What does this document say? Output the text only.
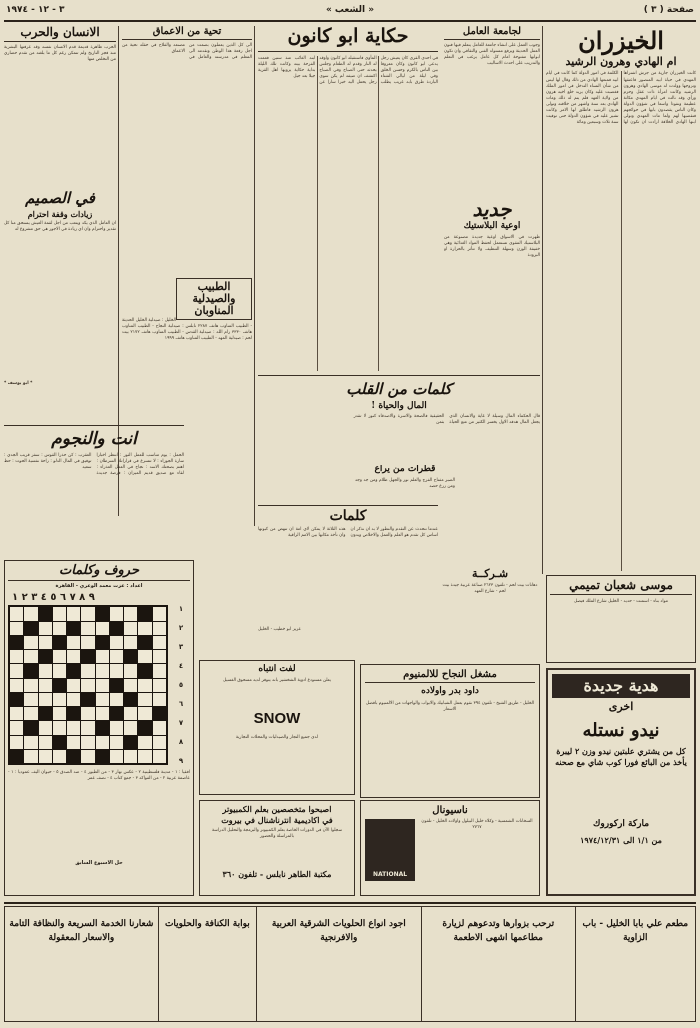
صفحة ( ٣ )
« الشعب »
٣ - ١٢ - ١٩٧٤
الخيزران
ام الهادي وهرون الرشيد
كانت الخيزران جارية من جرش اشتراها المهدي في حياة ابيه المنصور فاعتقها وتزوجها وولدت له موسى الهادي وهرون الرشيد وكانت امرأة ذات عقل وحزم ورأي وقد نالت في ايام المهدي مكانة عظيمة ونفوذا واسعا في شؤون الدولة وكان الناس يقصدون بابها في حوائجهم فتقضيها لهم ولما مات المهدي وتولى ابنها الهادي الخلافة ارادت ان تكون لها الكلمة في امور الدولة كما كانت في ايام ابيه فمنعها الهادي من ذلك وقال لها ليس من شأن النساء التدخل في امور الملك فغضبت عليه وكان يريد خلع اخيه هرون من ولاية العهد فلم يتم له ذلك ومات الهادي بعد سنة واشهر من خلافته وتولى هرون الرشيد فاطلق لها الامر وكانت تشير عليه في شؤون الدولة حتى توفيت سنة ثلاث وسبعين ومائة
لجامعة العامل
وجوب العمل على انشاء جامعة للعامل يتعلم فيها فنون العمل الحديثة ويرفع مستواه الفني والثقافي وان تكون ابوابها مفتوحة امام كل عامل يرغب في التعلم والتدريب على احدث الاساليب
جديد
اوعية البلاستيك
ظهرت في الاسواق اوعية جديدة مصنوعة من البلاستيك المقوى تستعمل لحفظ المواد الغذائية وهي خفيفة الوزن وسهلة التنظيف ولا تتأثر بالحرارة او البرودة
حكاية ابو كانون
في احدى القرى كان يعيش رجل يدعى ابو كانون وكان معروفا بين الناس بالكرم وحسن الخلق وفي ليلة من ليالي الشتاء الباردة طرق بابه غريب يطلب المأوى فاستقبله ابو كانون واوقد له النار وقدم له الطعام وجلس يحدثه حتى الصباح وفي الصباح اكتشف ان ضيفه لم يكن سوى رجل يحمل اليه خبرا سارا عن ابنه الغائب منذ سنين فعمت الفرحة بيته وكانت تلك الليلة بداية حكاية يرويها اهل القرية جيلا بعد جيل
كلمات من القلب
المال والحياة !
قال الحكماء المال وسيلة لا غاية والانسان الذي يجعل المال هدفه الاول يخسر الكثير من متع الحياة الحقيقية فالصحة والاسرة والاصدقاء كنوز لا تقدر بثمن
قطرات من يراع
الصبر مفتاح الفرج والعلم نور والجهل ظلام ومن جد وجد ومن زرع حصد
شـركــة
دهانات بيت لحم - تلفون ٢٦٢٣ صناعة عربية جيدة بيت لحم - شارع المهد	موسى شعبان تميمي
مواد بناء - اسمنت - حديد - الخليل شارع الملك فيصل
تحية من الاعماق
الى كل الذين يعملون بصمت من اجل رفعة هذا الوطن وتقدمه الى المعلم في مدرسته والعامل في مصنعه والفلاح في حقله تحية من الاعماق
الطبيب والصيدلية المناوبان
الخليل : صيدلية الخليل الحديثة - الطبيب المناوب هاتف ٢٢٨٧ نابلس : صيدلية النجاح - الطبيب المناوب هاتف ٣٣٣٠ رام الله : صيدلية القدس - الطبيب المناوب هاتف ٢١٧٢ بيت لحم : صيدلية المهد - الطبيب المناوب هاتف ١٩٩٩
الانسان والحرب
الحرب ظاهرة قديمة قدم الانسان نفسه وقد عرفتها البشرية منذ فجر التاريخ ولم تتمكن رغم كل ما بلغته من تقدم حضاري من التخلص منها
في الصميم
زيادات وقفة احترام
ان العامل الذي يكد ويتعب من اجل لقمة العيش يستحق منا كل تقدير واحترام وان اي زيادة في الاجور هي حق مشروع له
* ابو يوسف *
انت والنجوم
الحمل : يوم مناسب للعمل الثور : انتظر اخبارا سارة الجوزاء : لا تتسرع في قراراتك السرطان : اهتم بصحتك الاسد : نجاح في العمل العذراء : لقاء مع صديق قديم الميزان : فرصة جديدة العقرب : كن حذرا القوس : سفر قريب الجدي : توفيق في المال الدلو : راحة نفسية الحوت : حظ سعيد
كلمات
عندما نتحدث عن التقدم والتطور لا بد ان نذكر ان اساس كل تقدم هو العلم والعمل والاخلاص وبدون هذه الثلاثة لا يمكن لاي امة ان تنهض من كبوتها وان تأخذ مكانها بين الامم الراقية
عزيز ابو خطيب - الخليل
حروف وكلمات
اعداد : عزت معمد الوعري - القاهرة
٩ ٨ ٧ ٦ ٥ ٤ ٣ ٢ ١
١
٢
٣
٤
٥
٦
٧
٨
٩
افقيا : ١ - مدينة فلسطينية ٢ - عكس نهار ٣ - من الطيور ٤ - ضد الصدق ٥ - حيوان اليف عموديا : ١ - عاصمة عربية ٢ - من الفواكه ٣ - جمع كتاب ٤ - نصف عمر
حل الاسبوع السابق
لفت انتباه
يعلن مستودع ادوية الشخشير بانه يتوفر لديه مسحوق الغسيل
SNOW
لدى جميع التجار والصيدليات والمحلات التجارية
مشغل النجاح للالمنيوم
داود بدر واولاده
الخليل - طريق الشيخ - تلفون ٣٩٤ نقوم بعمل الشبابيك والابواب والواجهات من الالمنيوم بافضل الاسعار
اصبحوا متخصصين بعلم الكمبيوتر
في اكاديمية انترناشنال في بيروت
سجلوا الآن في الدورات الخاصة بعلم الكمبيوتر والبرمجة والتحليل الدراسة بالمراسلة والحضور
مكتبة الطاهر نابلس - تلفون ٣٦٠
ناسيونال
السخانات الشمسية - وكلاء خليل البيلول واولاده الخليل - تلفون ٢٧٦٧
NATIONAL
هدية جديدة
اخرى
نيدو نستله
كل من يشتري علبتين نيدو وزن ٢ ليبرة يأخذ من البائع فورا كوب شاي مع صحنه
ماركة ارکوروك
من ١/١ الى ١٩٧٤/١٢/٣١
مطعم علي بابا الخليل - باب الزاوية
ترحب بزوارها وتدعوهم لزيارة مطاعمها اشهى الاطعمة
اجود انواع الحلويات الشرقية العربية والافرنجية
بوابة الكنافة والحلويات
شعارنا الخدمة السريعة والنظافة التامة والاسعار المعقولة
